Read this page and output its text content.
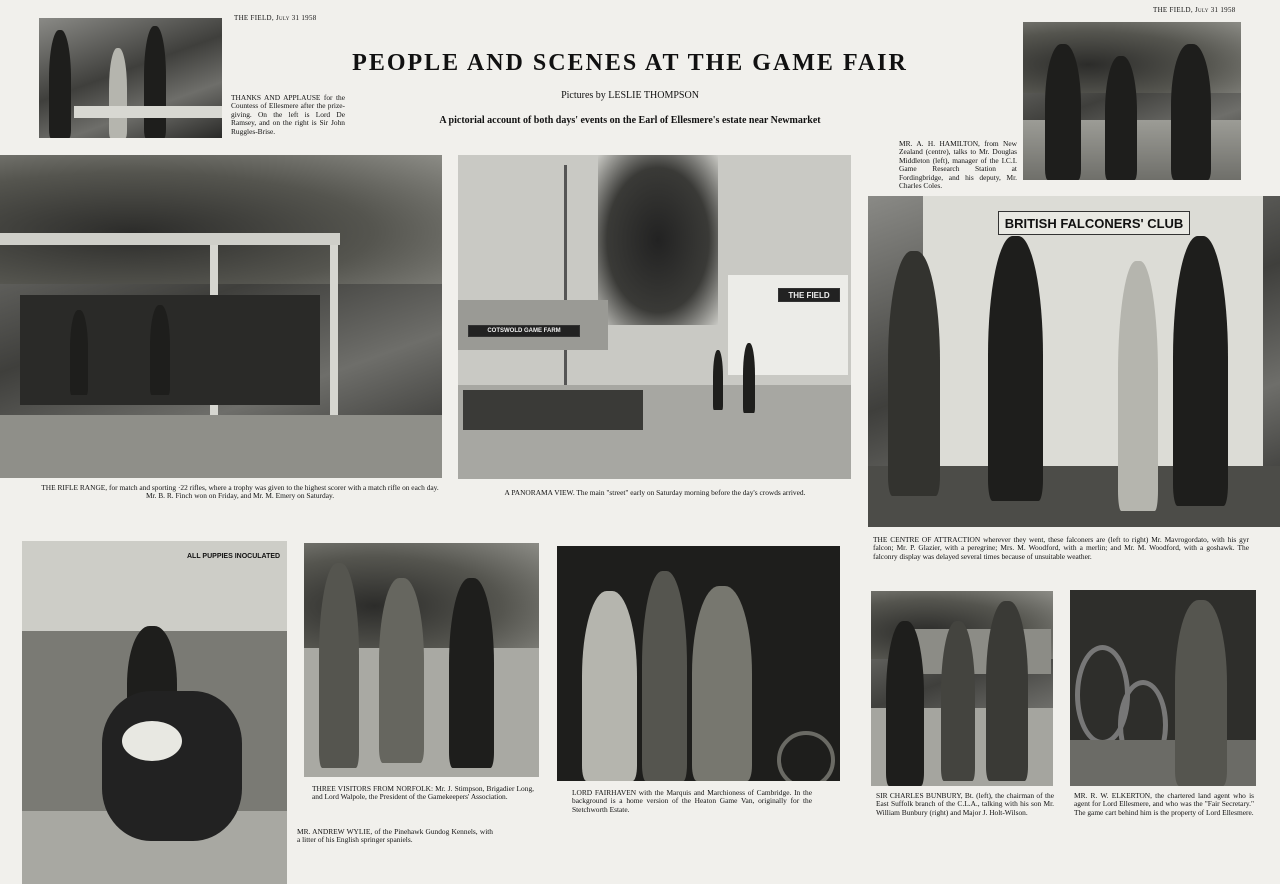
THE FIELD, July 31 1958
THE FIELD, July 31 1958
PEOPLE AND SCENES AT THE GAME FAIR
Pictures by LESLIE THOMPSON
A pictorial account of both days' events on the Earl of Ellesmere's estate near Newmarket
THANKS AND APPLAUSE for the Countess of Ellesmere after the prize-giving. On the left is Lord De Ramsey, and on the right is Sir John Ruggles-Brise.
MR. A. H. HAMILTON, from New Zealand (centre), talks to Mr. Douglas Middleton (left), manager of the I.C.I. Game Research Station at Fordingbridge, and his deputy, Mr. Charles Coles.
THE RIFLE RANGE, for match and sporting ·22 rifles, where a trophy was given to the highest scorer with a match rifle on each day. Mr. B. R. Finch won on Friday, and Mr. M. Emery on Saturday.
COTSWOLD GAME FARM
THE FIELD
A PANORAMA VIEW. The main "street" early on Saturday morning before the day's crowds arrived.
BRITISH FALCONERS' CLUB
THE CENTRE OF ATTRACTION wherever they went, these falconers are (left to right) Mr. Mavrogordato, with his gyr falcon; Mr. P. Glazier, with a peregrine; Mrs. M. Woodford, with a merlin; and Mr. M. Woodford, with a goshawk. The falconry display was delayed several times because of unsuitable weather.
ALL PUPPIES INOCULATED
MR. ANDREW WYLIE, of the Pinehawk Gundog Kennels, with a litter of his English springer spaniels.
THREE VISITORS FROM NORFOLK: Mr. J. Stimpson, Brigadier Long, and Lord Walpole, the President of the Gamekeepers' Association.	LORD FAIRHAVEN with the Marquis and Marchioness of Cambridge. In the background is a home version of the Heaton Game Van, originally for the Stetchworth Estate.
SIR CHARLES BUNBURY, Bt. (left), the chairman of the East Suffolk branch of the C.L.A., talking with his son Mr. William Bunbury (right) and Major J. Holt-Wilson.
MR. R. W. ELKERTON, the chartered land agent who is agent for Lord Ellesmere, and who was the "Fair Secretary." The game cart behind him is the property of Lord Ellesmere.
